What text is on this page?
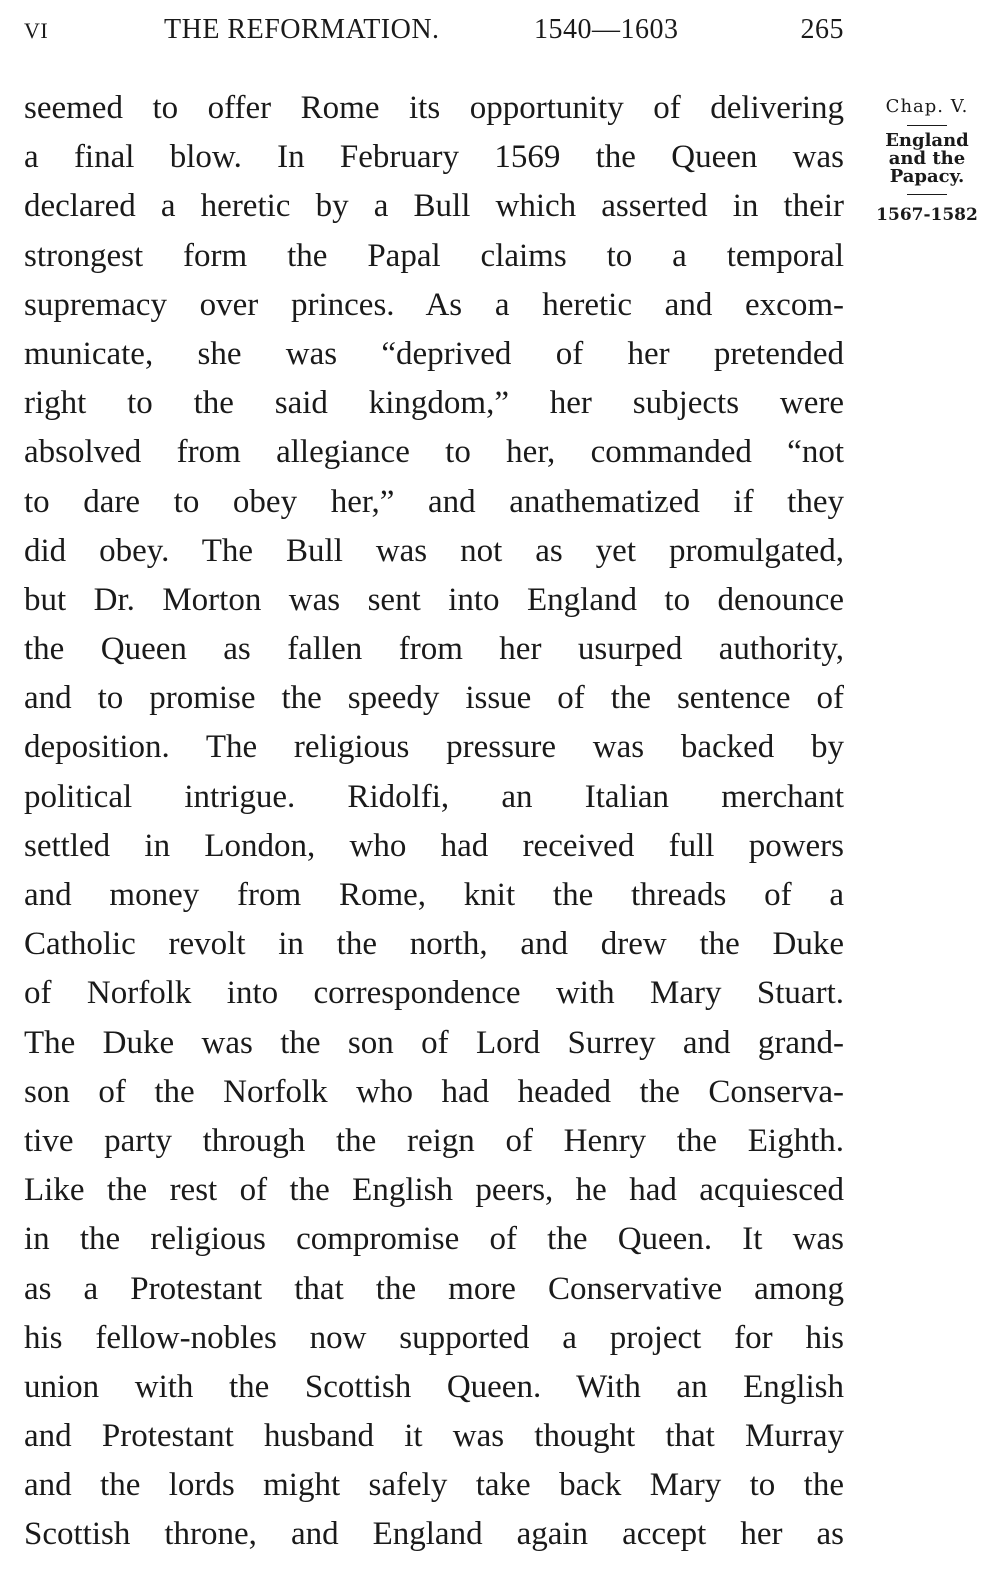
VI	THE REFORMATION.	1540—1603	265
seemed to offer Rome its opportunity of delivering
a final blow. In February 1569 the Queen was
declared a heretic by a Bull which asserted in their
strongest form the Papal claims to a temporal
supremacy over princes. As a heretic and excom-
municate, she was “deprived of her pretended
right to the said kingdom,” her subjects were
absolved from allegiance to her, commanded “not
to dare to obey her,” and anathematized if they
did obey. The Bull was not as yet promulgated,
but Dr. Morton was sent into England to denounce
the Queen as fallen from her usurped authority,
and to promise the speedy issue of the sentence of
deposition. The religious pressure was backed by
political intrigue. Ridolfi, an Italian merchant
settled in London, who had received full powers
and money from Rome, knit the threads of a
Catholic revolt in the north, and drew the Duke
of Norfolk into correspondence with Mary Stuart.
The Duke was the son of Lord Surrey and grand-
son of the Norfolk who had headed the Conserva-
tive party through the reign of Henry the Eighth.
Like the rest of the English peers, he had acquiesced
in the religious compromise of the Queen. It was
as a Protestant that the more Conservative among
his fellow-nobles now supported a project for his
union with the Scottish Queen. With an English
and Protestant husband it was thought that Murray
and the lords might safely take back Mary to the
Scottish throne, and England again accept her as
Chap. V.
England
and the
Papacy.
1567-1582
